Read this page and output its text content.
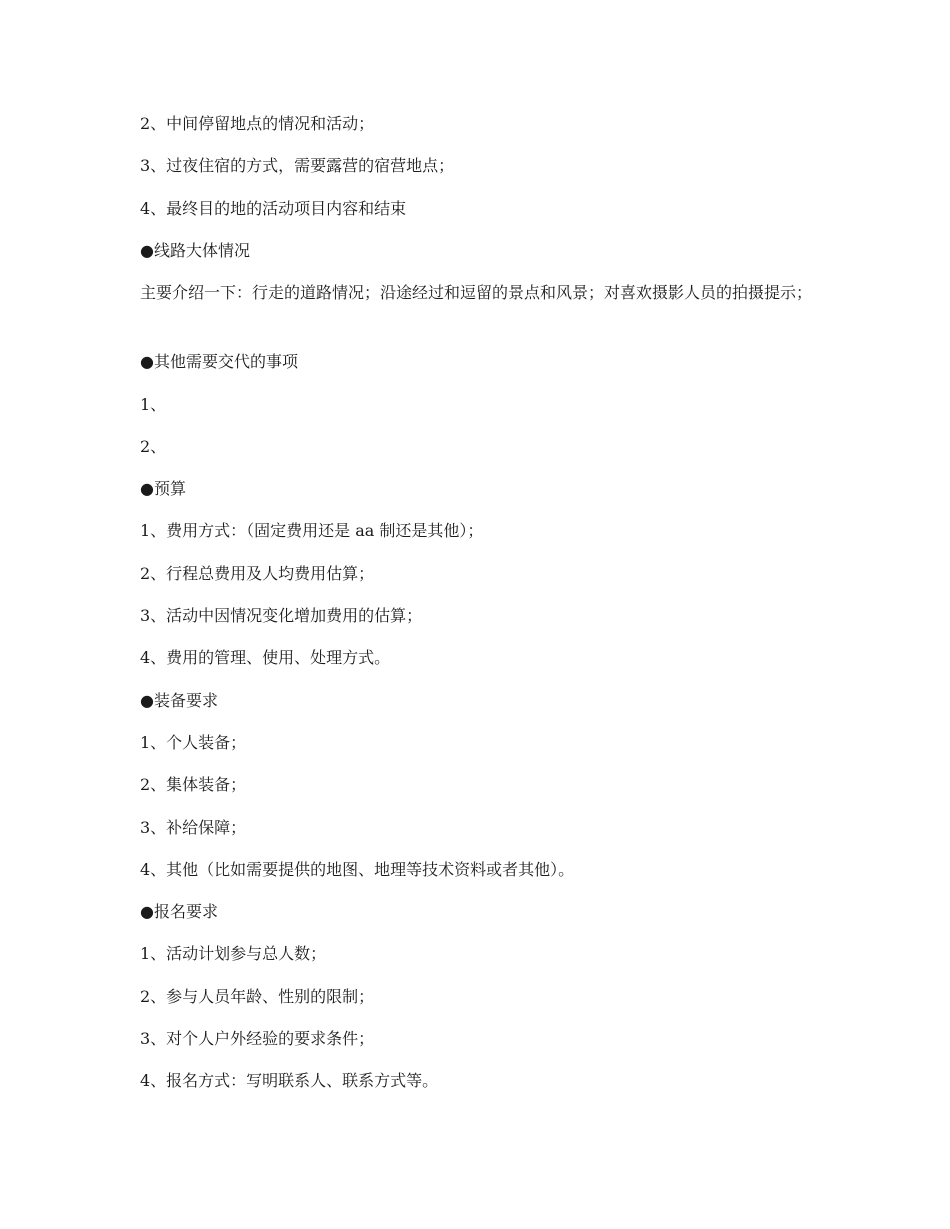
2、中间停留地点的情况和活动；
3、过夜住宿的方式，需要露营的宿营地点；
4、最终目的地的活动项目内容和结束
●线路大体情况
主要介绍一下：行走的道路情况；沿途经过和逗留的景点和风景；对喜欢摄影人员的拍摄提示；
●其他需要交代的事项
1、
2、
●预算
1、费用方式：（固定费用还是 aa 制还是其他）；
2、行程总费用及人均费用估算；
3、活动中因情况变化增加费用的估算；
4、费用的管理、使用、处理方式。
●装备要求
1、个人装备；
2、集体装备；
3、补给保障；
4、其他（比如需要提供的地图、地理等技术资料或者其他）。
●报名要求
1、活动计划参与总人数；
2、参与人员年龄、性别的限制；
3、对个人户外经验的要求条件；
4、报名方式：写明联系人、联系方式等。
